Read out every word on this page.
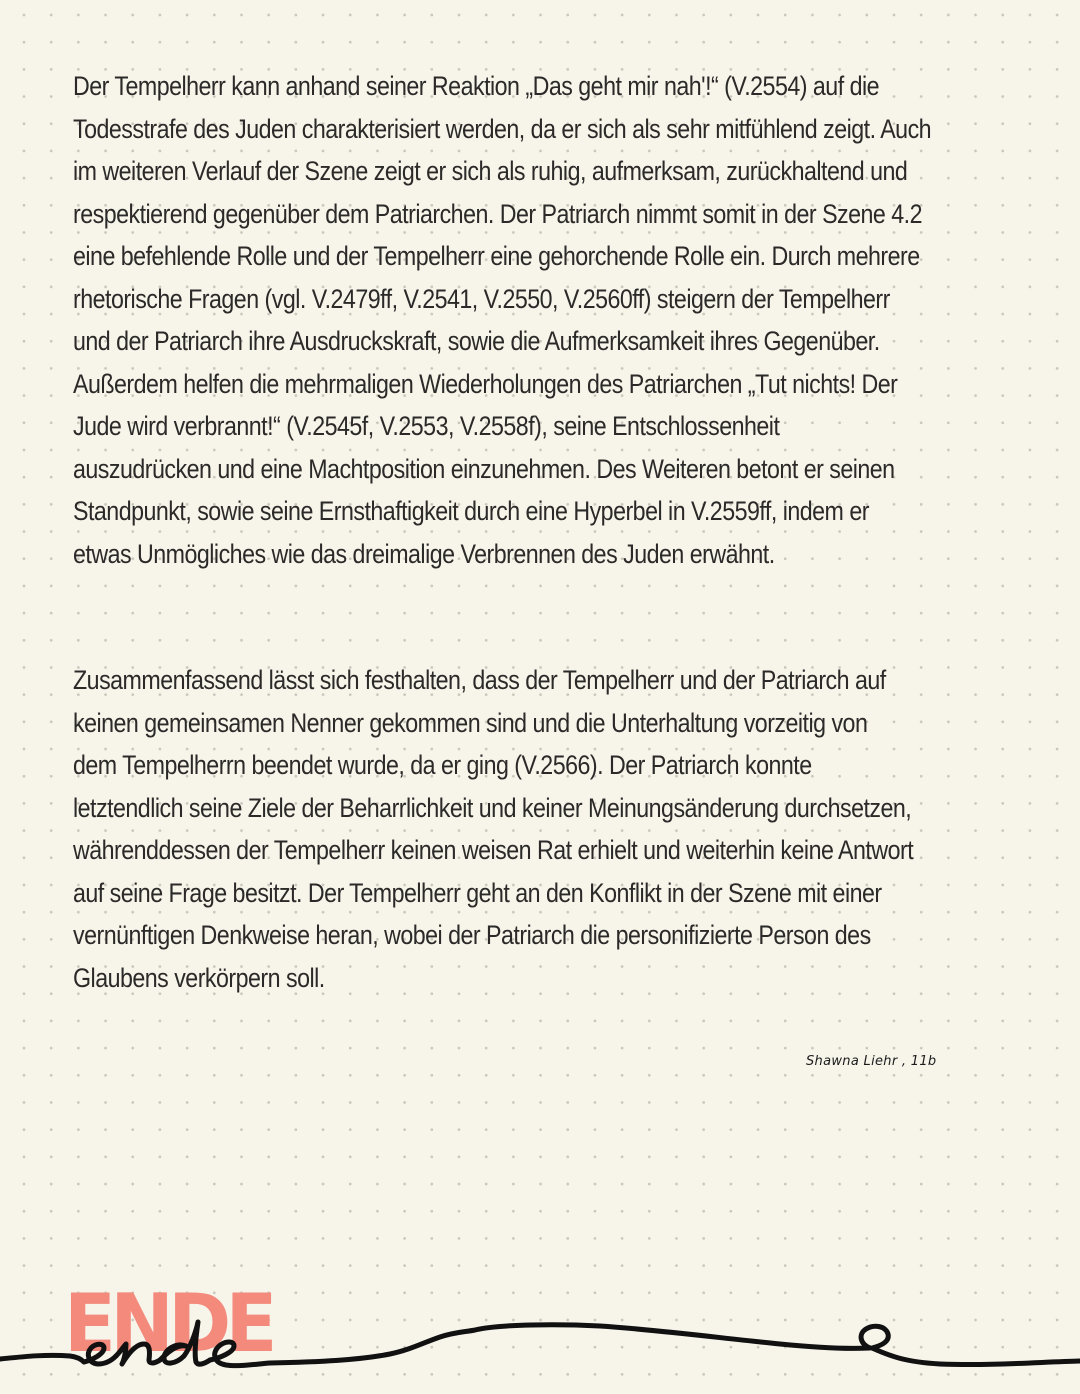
Der Tempelherr kann anhand seiner Reaktion „Das geht mir nah'!“ (V.2554) auf die
Todesstrafe des Juden charakterisiert werden, da er sich als sehr mitfühlend zeigt. Auch
im weiteren Verlauf der Szene zeigt er sich als ruhig, aufmerksam, zurückhaltend und
respektierend gegenüber dem Patriarchen. Der Patriarch nimmt somit in der Szene 4.2
eine befehlende Rolle und der Tempelherr eine gehorchende Rolle ein. Durch mehrere
rhetorische Fragen (vgl. V.2479ff, V.2541, V.2550, V.2560ff) steigern der Tempelherr
und der Patriarch ihre Ausdruckskraft, sowie die Aufmerksamkeit ihres Gegenüber.
Außerdem helfen die mehrmaligen Wiederholungen des Patriarchen „Tut nichts! Der
Jude wird verbrannt!“ (V.2545f, V.2553, V.2558f), seine Entschlossenheit
auszudrücken und eine Machtposition einzunehmen. Des Weiteren betont er seinen
Standpunkt, sowie seine Ernsthaftigkeit durch eine Hyperbel in V.2559ff, indem er
etwas Unmögliches wie das dreimalige Verbrennen des Juden erwähnt.
Zusammenfassend lässt sich festhalten, dass der Tempelherr und der Patriarch auf
keinen gemeinsamen Nenner gekommen sind und die Unterhaltung vorzeitig von
dem Tempelherrn beendet wurde, da er ging (V.2566). Der Patriarch konnte
letztendlich seine Ziele der Beharrlichkeit und keiner Meinungsänderung durchsetzen,
währenddessen der Tempelherr keinen weisen Rat erhielt und weiterhin keine Antwort
auf seine Frage besitzt. Der Tempelherr geht an den Konflikt in der Szene mit einer
vernünftigen Denkweise heran, wobei der Patriarch die personifizierte Person des
Glaubens verkörpern soll.
Shawna Liehr , 11b
ENDE
